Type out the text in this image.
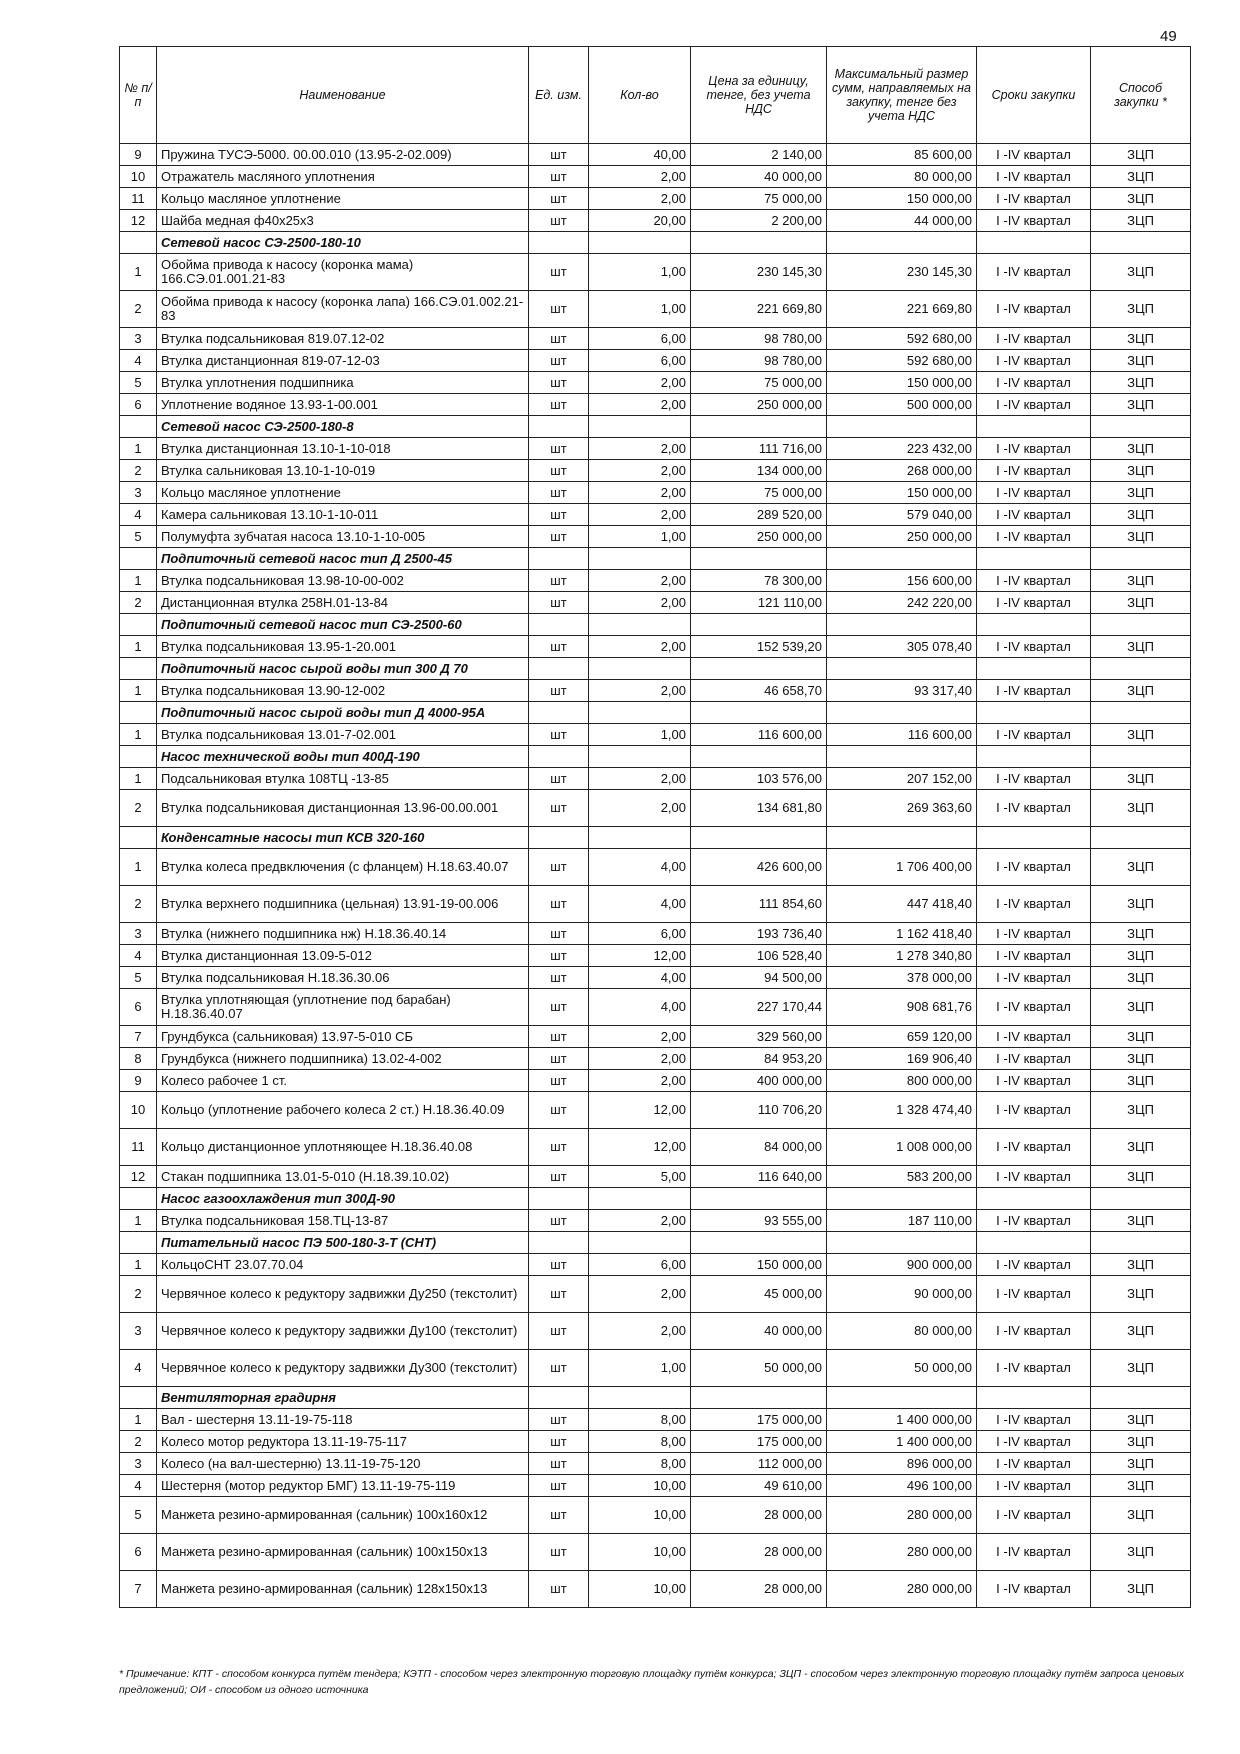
49
№ п/п	Наименование	Ед. изм.	Кол-во	Цена за единицу, тенге, без учета НДС	Максимальный размер сумм, направляемых на закупку, тенге без учета НДС	Сроки закупки	Способ закупки *
9	Пружина ТУСЭ-5000. 00.00.010 (13.95-2-02.009)	шт	40,00	2 140,00	85 600,00	I -IV квартал	ЗЦП
10	Отражатель масляного уплотнения	шт	2,00	40 000,00	80 000,00	I -IV квартал	ЗЦП
11	Кольцо масляное уплотнение	шт	2,00	75 000,00	150 000,00	I -IV квартал	ЗЦП
12	Шайба медная ф40х25х3	шт	20,00	2 200,00	44 000,00	I -IV квартал	ЗЦП
	Сетевой насос СЭ-2500-180-10						
1	Обойма привода к насосу (коронка мама) 166.СЭ.01.001.21-83	шт	1,00	230 145,30	230 145,30	I -IV квартал	ЗЦП
2	Обойма привода к насосу (коронка лапа) 166.СЭ.01.002.21-83	шт	1,00	221 669,80	221 669,80	I -IV квартал	ЗЦП
3	Втулка подсальниковая 819.07.12-02	шт	6,00	98 780,00	592 680,00	I -IV квартал	ЗЦП
4	Втулка дистанционная 819-07-12-03	шт	6,00	98 780,00	592 680,00	I -IV квартал	ЗЦП
5	Втулка уплотнения подшипника	шт	2,00	75 000,00	150 000,00	I -IV квартал	ЗЦП
6	Уплотнение водяное 13.93-1-00.001	шт	2,00	250 000,00	500 000,00	I -IV квартал	ЗЦП
	Сетевой насос СЭ-2500-180-8						
1	Втулка дистанционная 13.10-1-10-018	шт	2,00	111 716,00	223 432,00	I -IV квартал	ЗЦП
2	Втулка сальниковая 13.10-1-10-019	шт	2,00	134 000,00	268 000,00	I -IV квартал	ЗЦП
3	Кольцо масляное уплотнение	шт	2,00	75 000,00	150 000,00	I -IV квартал	ЗЦП
4	Камера сальниковая 13.10-1-10-011	шт	2,00	289 520,00	579 040,00	I -IV квартал	ЗЦП
5	Полумуфта зубчатая насоса 13.10-1-10-005	шт	1,00	250 000,00	250 000,00	I -IV квартал	ЗЦП
	Подпиточный сетевой насос тип Д 2500-45						
1	Втулка подсальниковая 13.98-10-00-002	шт	2,00	78 300,00	156 600,00	I -IV квартал	ЗЦП
2	Дистанционная втулка 258Н.01-13-84	шт	2,00	121 110,00	242 220,00	I -IV квартал	ЗЦП
	Подпиточный сетевой насос тип СЭ-2500-60						
1	Втулка подсальниковая 13.95-1-20.001	шт	2,00	152 539,20	305 078,40	I -IV квартал	ЗЦП
	Подпиточный насос сырой воды тип 300 Д 70						
1	Втулка подсальниковая 13.90-12-002	шт	2,00	46 658,70	93 317,40	I -IV квартал	ЗЦП
	Подпиточный насос сырой воды тип Д 4000-95А						
1	Втулка подсальниковая 13.01-7-02.001	шт	1,00	116 600,00	116 600,00	I -IV квартал	ЗЦП
	Насос технической воды тип 400Д-190						
1	Подсальниковая втулка 108ТЦ -13-85	шт	2,00	103 576,00	207 152,00	I -IV квартал	ЗЦП
2	Втулка подсальниковая дистанционная 13.96-00.00.001	шт	2,00	134 681,80	269 363,60	I -IV квартал	ЗЦП
	Конденсатные насосы тип КСВ 320-160						
1	Втулка колеса предвключения (с фланцем) Н.18.63.40.07	шт	4,00	426 600,00	1 706 400,00	I -IV квартал	ЗЦП
2	Втулка верхнего подшипника (цельная) 13.91-19-00.006	шт	4,00	111 854,60	447 418,40	I -IV квартал	ЗЦП
3	Втулка (нижнего подшипника нж) Н.18.36.40.14	шт	6,00	193 736,40	1 162 418,40	I -IV квартал	ЗЦП
4	Втулка дистанционная 13.09-5-012	шт	12,00	106 528,40	1 278 340,80	I -IV квартал	ЗЦП
5	Втулка подсальниковая Н.18.36.30.06	шт	4,00	94 500,00	378 000,00	I -IV квартал	ЗЦП
6	Втулка уплотняющая (уплотнение под барабан) Н.18.36.40.07	шт	4,00	227 170,44	908 681,76	I -IV квартал	ЗЦП
7	Грундбукса (сальниковая) 13.97-5-010 СБ	шт	2,00	329 560,00	659 120,00	I -IV квартал	ЗЦП
8	Грундбукса (нижнего подшипника) 13.02-4-002	шт	2,00	84 953,20	169 906,40	I -IV квартал	ЗЦП
9	Колесо рабочее 1 ст.	шт	2,00	400 000,00	800 000,00	I -IV квартал	ЗЦП
10	Кольцо (уплотнение рабочего колеса 2 ст.) Н.18.36.40.09	шт	12,00	110 706,20	1 328 474,40	I -IV квартал	ЗЦП
11	Кольцо дистанционное уплотняющее Н.18.36.40.08	шт	12,00	84 000,00	1 008 000,00	I -IV квартал	ЗЦП
12	Стакан подшипника 13.01-5-010 (Н.18.39.10.02)	шт	5,00	116 640,00	583 200,00	I -IV квартал	ЗЦП
	Насос газоохлаждения тип 300Д-90						
1	Втулка подсальниковая 158.ТЦ-13-87	шт	2,00	93 555,00	187 110,00	I -IV квартал	ЗЦП
	Питательный насос ПЭ 500-180-3-Т (СНТ)						
1	КольцоСНТ 23.07.70.04	шт	6,00	150 000,00	900 000,00	I -IV квартал	ЗЦП
2	Червячное колесо к редуктору задвижки Ду250 (текстолит)	шт	2,00	45 000,00	90 000,00	I -IV квартал	ЗЦП
3	Червячное колесо к редуктору задвижки Ду100 (текстолит)	шт	2,00	40 000,00	80 000,00	I -IV квартал	ЗЦП
4	Червячное колесо к редуктору задвижки Ду300 (текстолит)	шт	1,00	50 000,00	50 000,00	I -IV квартал	ЗЦП
	Вентиляторная градирня						
1	Вал - шестерня 13.11-19-75-118	шт	8,00	175 000,00	1 400 000,00	I -IV квартал	ЗЦП
2	Колесо мотор редуктора 13.11-19-75-117	шт	8,00	175 000,00	1 400 000,00	I -IV квартал	ЗЦП
3	Колесо (на вал-шестерню) 13.11-19-75-120	шт	8,00	112 000,00	896 000,00	I -IV квартал	ЗЦП
4	Шестерня (мотор редуктор БМГ) 13.11-19-75-119	шт	10,00	49 610,00	496 100,00	I -IV квартал	ЗЦП
5	Манжета резино-армированная (сальник) 100х160х12	шт	10,00	28 000,00	280 000,00	I -IV квартал	ЗЦП
6	Манжета резино-армированная (сальник) 100х150х13	шт	10,00	28 000,00	280 000,00	I -IV квартал	ЗЦП
7	Манжета резино-армированная (сальник) 128х150х13	шт	10,00	28 000,00	280 000,00	I -IV квартал	ЗЦП
* Примечание: КПТ - способом конкурса путём тендера; КЭТП - способом через электронную торговую площадку путём конкурса; ЗЦП - способом через электронную торговую площадку путём запроса ценовых предложений; ОИ - способом из одного источника
